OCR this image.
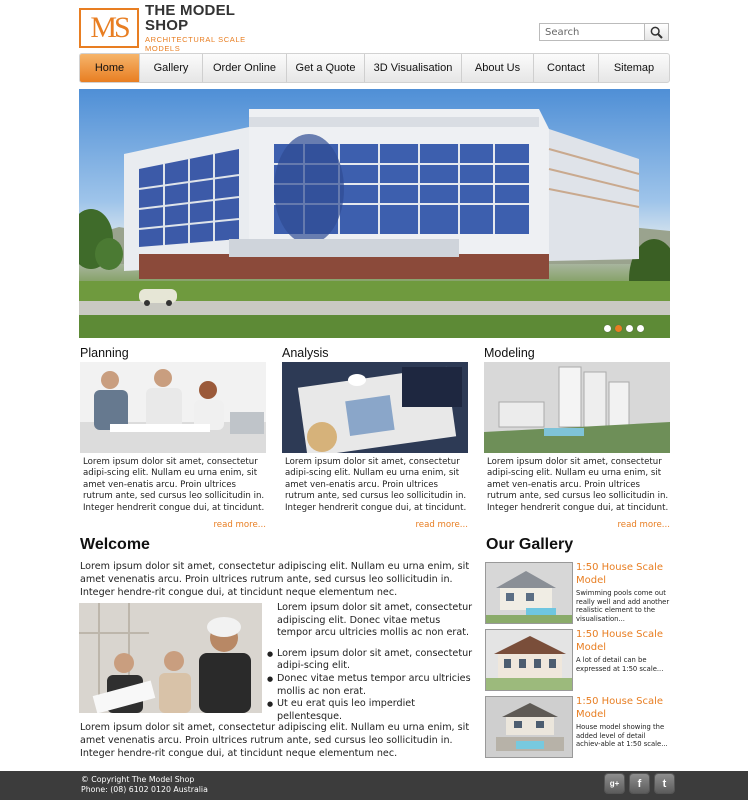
MS
THE MODEL SHOP
ARCHITECTURAL SCALE MODELS
Search
Home	Gallery	Order Online	Get a Quote	3D Visualisation	About Us	Contact	Sitemap
Planning

Lorem ipsum dolor sit amet, consectetur adipi-scing elit. Nullam eu urna enim, sit amet ven-enatis arcu. Proin ultrices rutrum ante, sed cursus leo sollicitudin in. Integer hendrerit congue dui, at tincidunt.

read more...
Analysis

Lorem ipsum dolor sit amet, consectetur adipi-scing elit. Nullam eu urna enim, sit amet ven-enatis arcu. Proin ultrices rutrum ante, sed cursus leo sollicitudin in. Integer hendrerit congue dui, at tincidunt.

read more...
Modeling

Lorem ipsum dolor sit amet, consectetur adipi-scing elit. Nullam eu urna enim, sit amet ven-enatis arcu. Proin ultrices rutrum ante, sed cursus leo sollicitudin in. Integer hendrerit congue dui, at tincidunt.

read more...
Welcome

Lorem ipsum dolor sit amet, consectetur adipiscing elit. Nullam eu urna enim, sit amet venenatis arcu. Proin ultrices rutrum ante, sed cursus leo sollicitudin in. Integer hendre-rit congue dui, at tincidunt neque elementum nec.

Lorem ipsum dolor sit amet, consectetur adipiscing elit. Donec vitae metus tempor arcu ultricies mollis ac non erat.

● Lorem ipsum dolor sit amet, consectetur adipi-scing elit.
● Donec vitae metus tempor arcu ultricies mollis ac non erat.
● Ut eu erat quis leo imperdiet pellentesque.

Lorem ipsum dolor sit amet, consectetur adipiscing elit. Nullam eu urna enim, sit amet venenatis arcu. Proin ultrices rutrum ante, sed cursus leo sollicitudin in. Integer hendre-rit congue dui, at tincidunt neque elementum nec.

Our Gallery
1:50 House Scale Model
Swimming pools come out really well and add another realistic element to the visualisation...
1:50 House Scale Model
A lot of detail can be expressed at 1:50 scale...
1:50 House Scale Model
House model showing the added level of detail achiev-able at 1:50 scale...
© Copyright The Model Shop
Phone: (08) 6102 0120 Australia
g+	f	t
